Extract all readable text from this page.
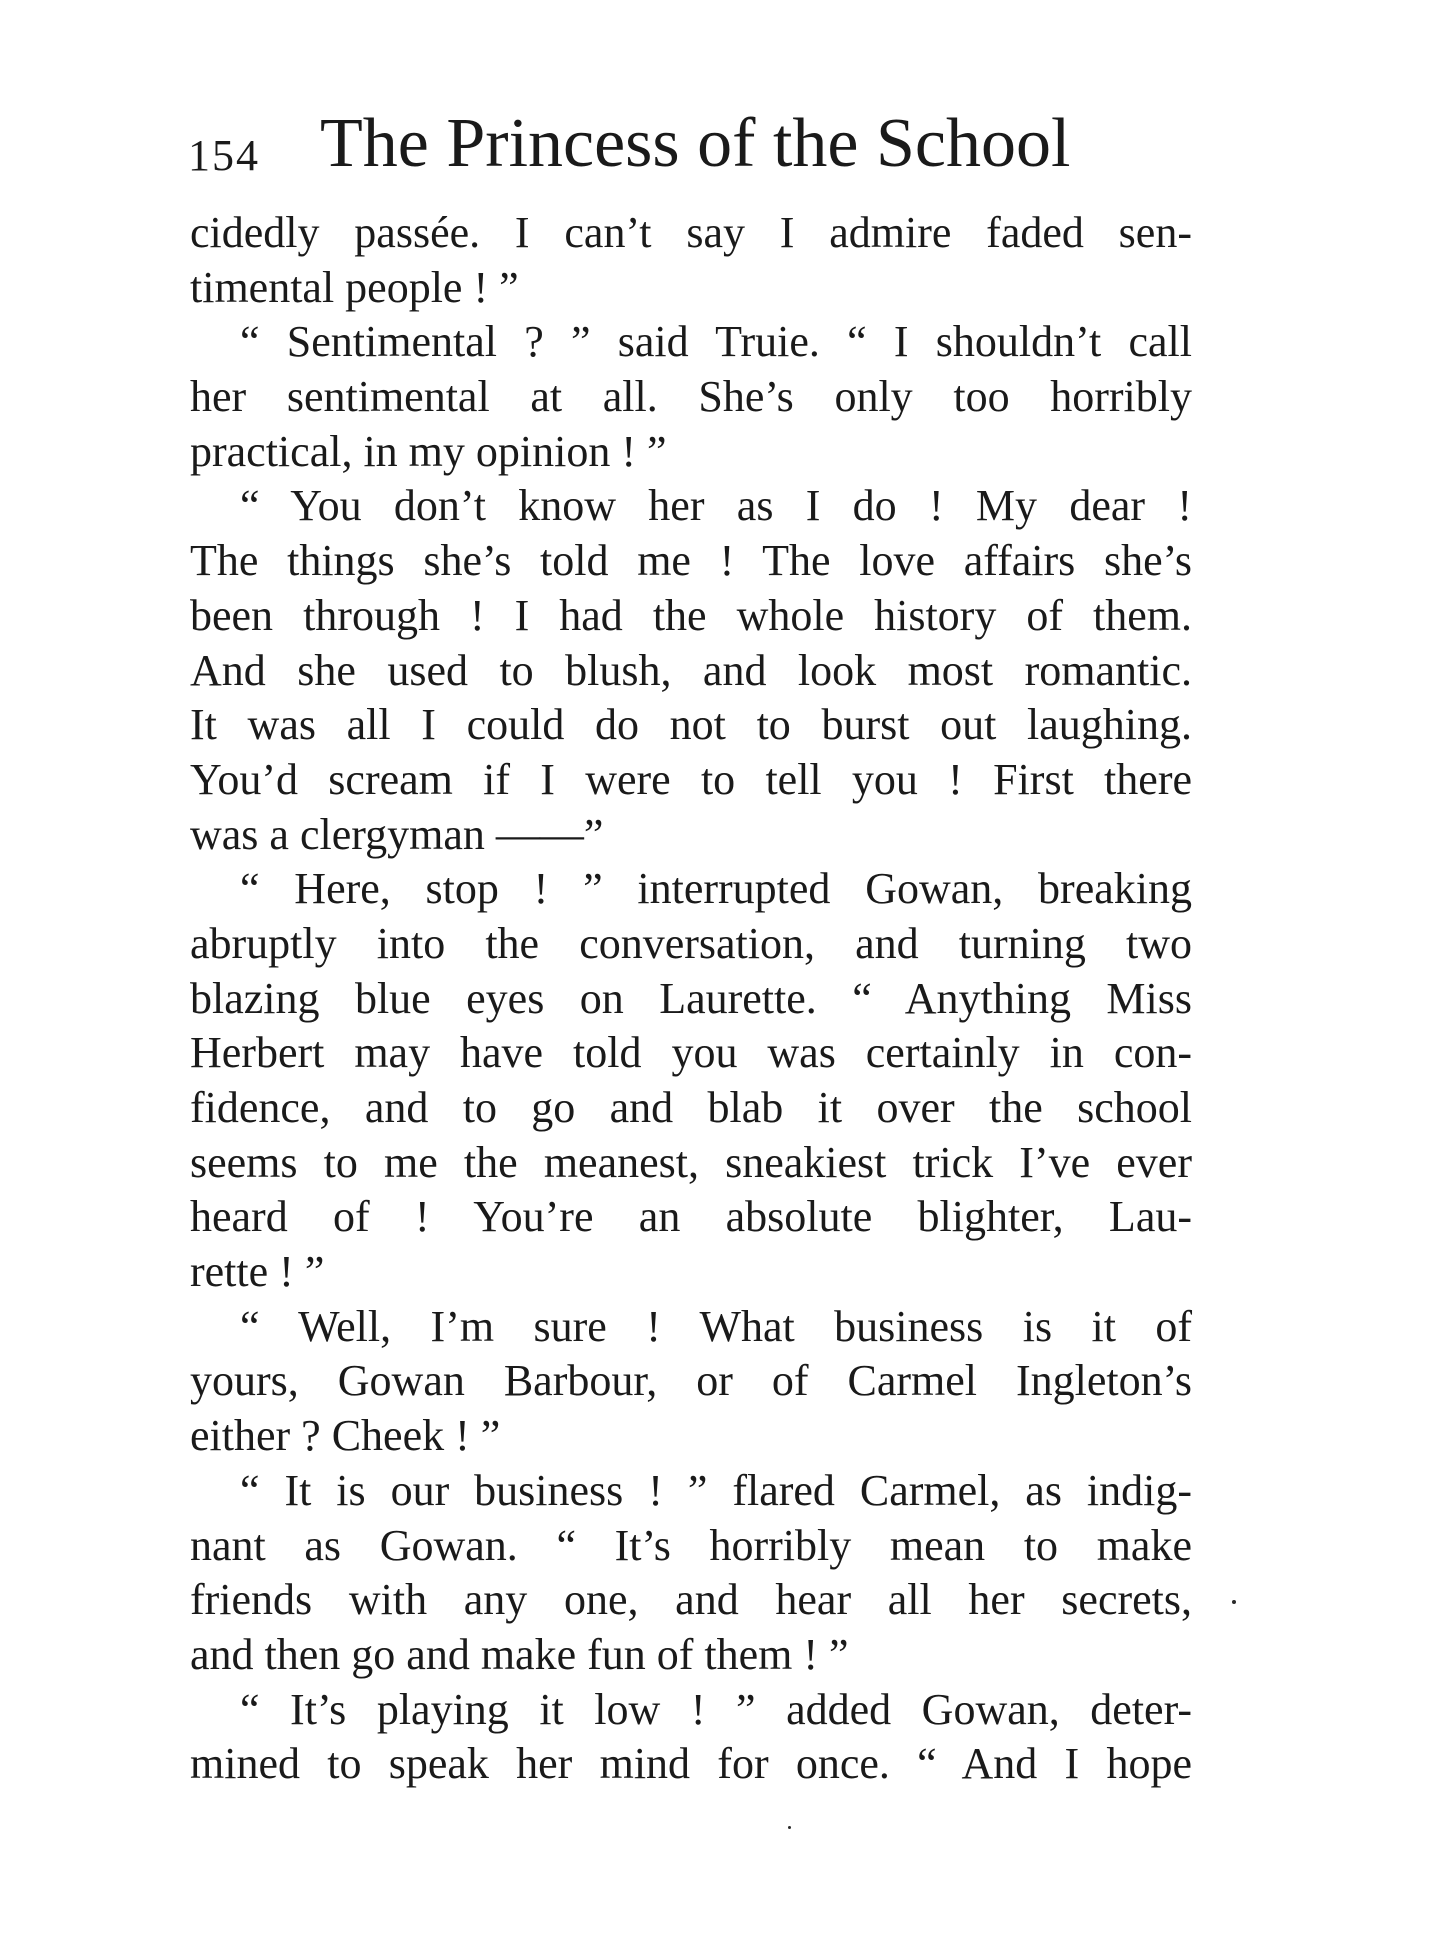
154 The Princess of the School
cidedly passée. I can’t say I admire faded sen-
timental people ! ”
“ Sentimental ? ” said Truie. “ I shouldn’t call
her sentimental at all. She’s only too horribly
practical, in my opinion ! ”
“ You don’t know her as I do ! My dear !
The things she’s told me ! The love affairs she’s
been through ! I had the whole history of them.
And she used to blush, and look most romantic.
It was all I could do not to burst out laughing.
You’d scream if I were to tell you ! First there
was a clergyman ——”
“ Here, stop ! ” interrupted Gowan, breaking
abruptly into the conversation, and turning two
blazing blue eyes on Laurette. “ Anything Miss
Herbert may have told you was certainly in con-
fidence, and to go and blab it over the school
seems to me the meanest, sneakiest trick I’ve ever
heard of ! You’re an absolute blighter, Lau-
rette ! ”
“ Well, I’m sure ! What business is it of
yours, Gowan Barbour, or of Carmel Ingleton’s
either ? Cheek ! ”
“ It is our business ! ” flared Carmel, as indig-
nant as Gowan. “ It’s horribly mean to make
friends with any one, and hear all her secrets,
and then go and make fun of them ! ”
“ It’s playing it low ! ” added Gowan, deter-
mined to speak her mind for once. “ And I hope
